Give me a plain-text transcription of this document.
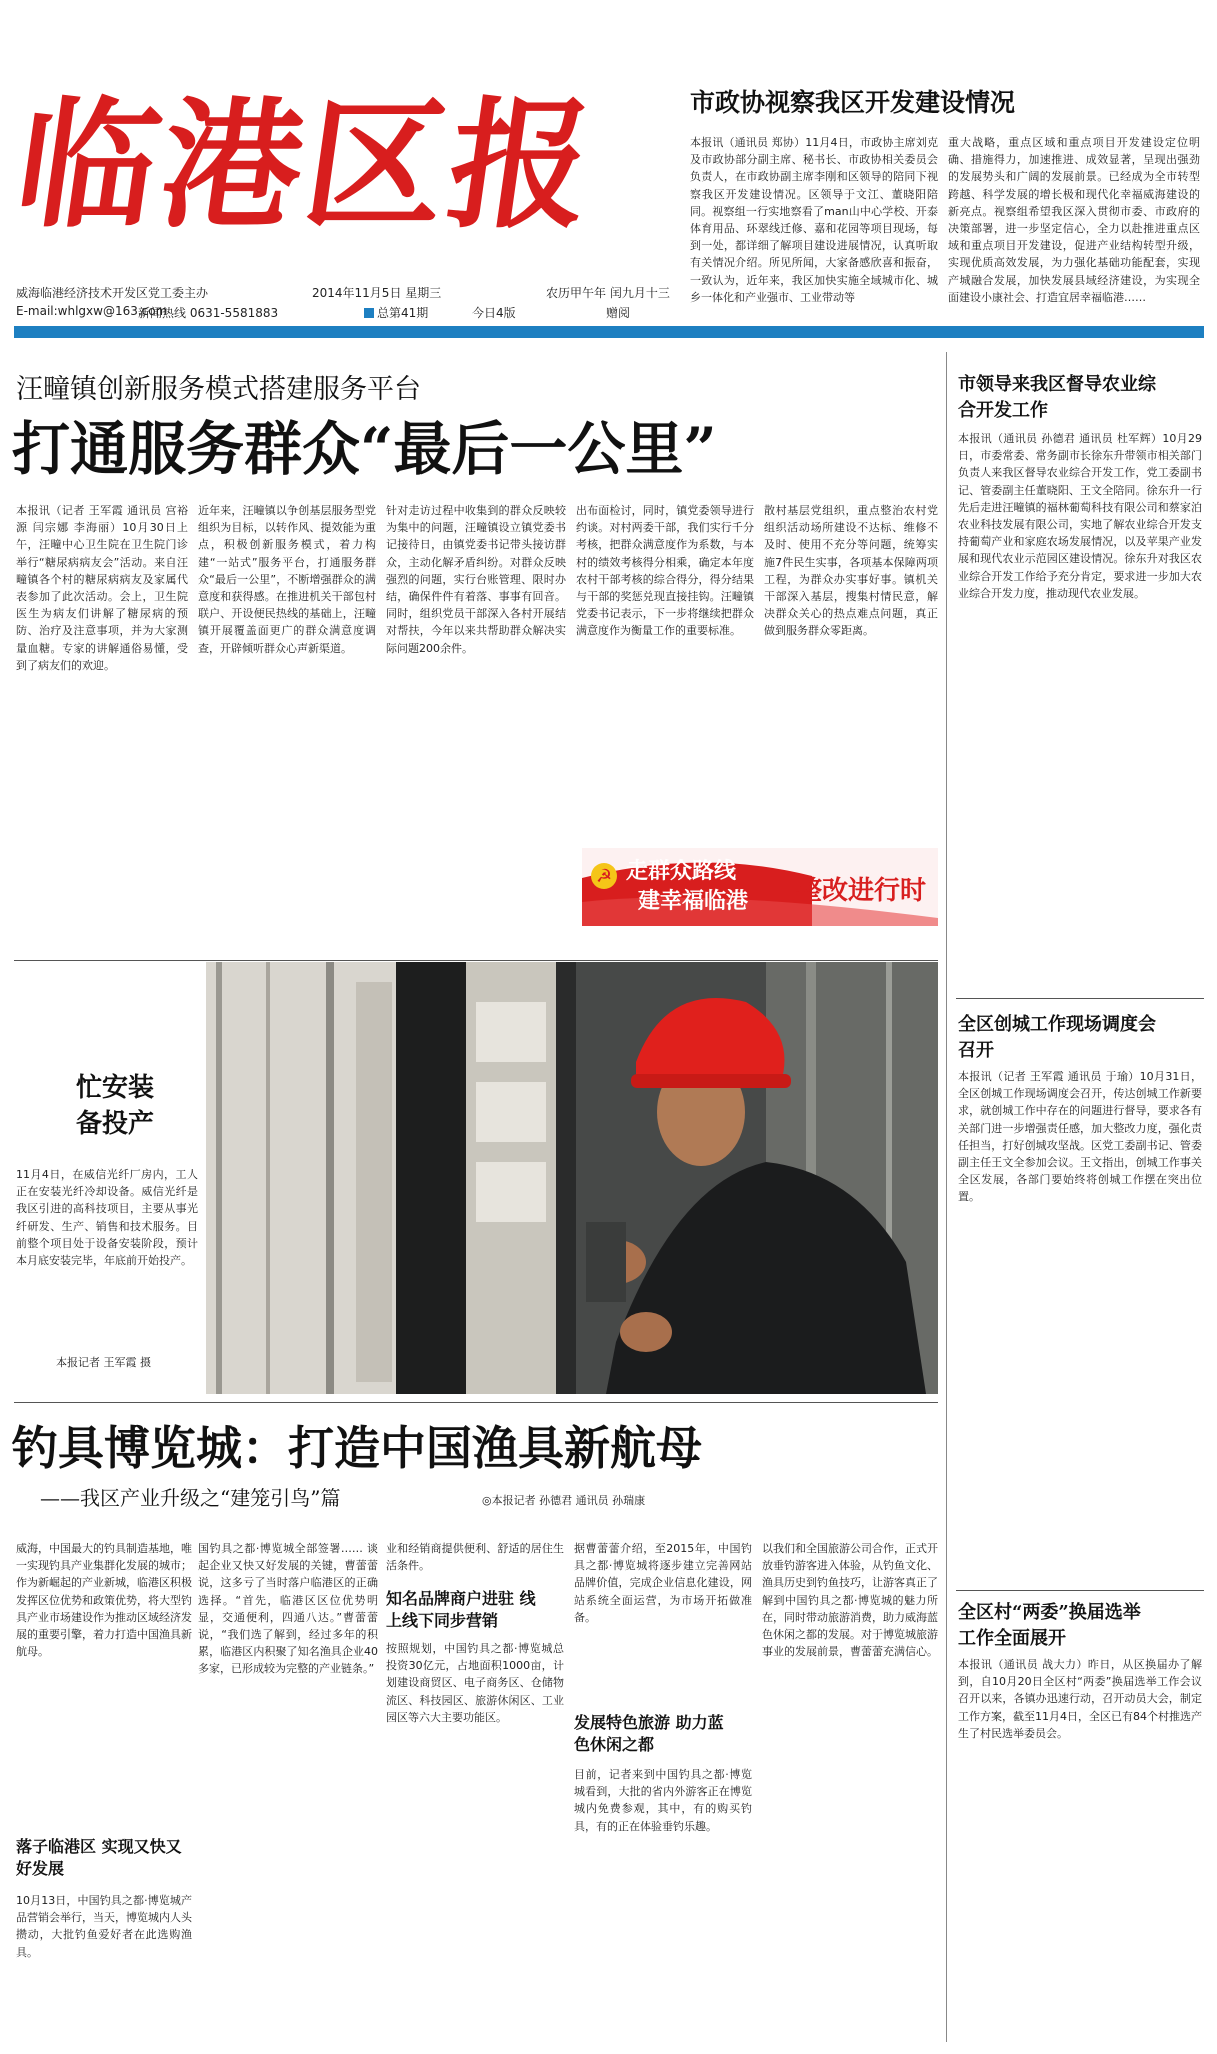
临港区报
威海临港经济技术开发区党工委主办
E-mail:whlgxw@163.com
新闻热线 0631-5581883
2014年11月5日 星期三	农历甲午年 闰九月十三
总第41期	今日4版	赠阅
市政协视察我区开发建设情况
本报讯（通讯员 郑协）11月4日，市政协主席刘克及市政协部分副主席、秘书长、市政协相关委员会负责人，在市政协副主席李刚和区领导的陪同下视察我区开发建设情况。区领导于文江、董晓阳陪同。视察组一行实地察看了man山中心学校、开泰体育用品、环翠线迁修、嘉和花园等项目现场，每到一处，都详细了解项目建设进展情况，认真听取有关情况介绍。所见所闻，大家备感欣喜和振奋，一致认为，近年来，我区加快实施全域城市化、城乡一体化和产业强市、工业带动等
重大战略，重点区域和重点项目开发建设定位明确、措施得力，加速推进、成效显著，呈现出强劲的发展势头和广阔的发展前景。已经成为全市转型跨越、科学发展的增长极和现代化幸福威海建设的新亮点。视察组希望我区深入贯彻市委、市政府的决策部署，进一步坚定信心，全力以赴推进重点区域和重点项目开发建设，促进产业结构转型升级，实现优质高效发展，为力强化基础功能配套，实现产城融合发展，加快发展县域经济建设，为实现全面建设小康社会、打造宜居幸福临港……
汪疃镇创新服务模式搭建服务平台
打通服务群众“最后一公里”
本报讯（记者 王军霞 通讯员 宫裕源 闫宗娜 李海丽）10月30日上午，汪疃中心卫生院在卫生院门诊举行“糖尿病病友会”活动。来自汪疃镇各个村的糖尿病病友及家属代表参加了此次活动。会上，卫生院医生为病友们讲解了糖尿病的预防、治疗及注意事项，并为大家测量血糖。专家的讲解通俗易懂，受到了病友们的欢迎。
近年来，汪疃镇以争创基层服务型党组织为目标，以转作风、提效能为重点，积极创新服务模式，着力构建“一站式”服务平台，打通服务群众“最后一公里”，不断增强群众的满意度和获得感。在推进机关干部包村联户、开设便民热线的基础上，汪疃镇开展覆盖面更广的群众满意度调查，开辟倾听群众心声新渠道。
针对走访过程中收集到的群众反映较为集中的问题，汪疃镇设立镇党委书记接待日，由镇党委书记带头接访群众，主动化解矛盾纠纷。对群众反映强烈的问题，实行台账管理、限时办结，确保件件有着落、事事有回音。同时，组织党员干部深入各村开展结对帮扶，今年以来共帮助群众解决实际问题200余件。
出布面检讨，同时，镇党委领导进行约谈。对村两委干部，我们实行千分考核，把群众满意度作为系数，与本村的绩效考核得分相乘，确定本年度农村干部考核的综合得分，得分结果与干部的奖惩兑现直接挂钩。汪疃镇党委书记表示，下一步将继续把群众满意度作为衡量工作的重要标准。
散村基层党组织，重点整治农村党组织活动场所建设不达标、维修不及时、使用不充分等问题，统筹实施7件民生实事，各项基本保障两项工程，为群众办实事好事。镇机关干部深入基层，搜集村情民意，解决群众关心的热点难点问题，真正做到服务群众零距离。
☭ 走群众路线
建幸福临港 整改进行时
忙安装 备投产
11月4日，在威信光纤厂房内，工人正在安装光纤冷却设备。威信光纤是我区引进的高科技项目，主要从事光纤研发、生产、销售和技术服务。目前整个项目处于设备安装阶段，预计本月底安装完毕，年底前开始投产。
本报记者 王军霞 摄
钓具博览城：打造中国渔具新航母
——我区产业升级之“建笼引鸟”篇	◎本报记者 孙德君 通讯员 孙瑞康
威海，中国最大的钓具制造基地，唯一实现钓具产业集群化发展的城市；作为新崛起的产业新城，临港区积极发挥区位优势和政策优势，将大型钓具产业市场建设作为推动区域经济发展的重要引擎，着力打造中国渔具新航母。
落子临港区 实现又快又好发展
10月13日，中国钓具之都·博览城产品营销会举行，当天，博览城内人头攒动，大批钓鱼爱好者在此选购渔具。
国钓具之都·博览城全部签署…… 谈起企业又快又好发展的关键，曹蕾蕾说，这多亏了当时落户临港区的正确选择。“首先，临港区区位优势明显，交通便利，四通八达。”曹蕾蕾说，“我们选了解到，经过多年的积累，临港区内积聚了知名渔具企业40多家，已形成较为完整的产业链条。”
业和经销商提供便利、舒适的居住生活条件。
知名品牌商户进驻 线上线下同步营销
按照规划，中国钓具之都·博览城总投资30亿元，占地面积1000亩，计划建设商贸区、电子商务区、仓储物流区、科技园区、旅游休闲区、工业园区等六大主要功能区。
据曹蕾蕾介绍，至2015年，中国钓具之都·博览城将逐步建立完善网站品牌价值，完成企业信息化建设，网站系统全面运营，为市场开拓做准备。
发展特色旅游 助力蓝色休闲之都
目前，记者来到中国钓具之都·博览城看到，大批的省内外游客正在博览城内免费参观，其中，有的购买钓具，有的正在体验垂钓乐趣。
以我们和全国旅游公司合作，正式开放垂钓游客进入体验，从钓鱼文化、渔具历史到钓鱼技巧，让游客真正了解到中国钓具之都·博览城的魅力所在，同时带动旅游消费，助力威海蓝色休闲之都的发展。对于博览城旅游事业的发展前景，曹蕾蕾充满信心。
市领导来我区督导农业综合开发工作
本报讯（通讯员 孙德君 通讯员 杜军辉）10月29日，市委常委、常务副市长徐东升带领市相关部门负责人来我区督导农业综合开发工作，党工委副书记、管委副主任董晓阳、王文全陪同。徐东升一行先后走进汪疃镇的福林葡萄科技有限公司和蔡家泊农业科技发展有限公司，实地了解农业综合开发支持葡萄产业和家庭农场发展情况，以及苹果产业发展和现代农业示范园区建设情况。徐东升对我区农业综合开发工作给予充分肯定，要求进一步加大农业综合开发力度，推动现代农业发展。
全区创城工作现场调度会召开
本报讯（记者 王军霞 通讯员 于瑜）10月31日，全区创城工作现场调度会召开，传达创城工作新要求，就创城工作中存在的问题进行督导，要求各有关部门进一步增强责任感，加大整改力度，强化责任担当，打好创城攻坚战。区党工委副书记、管委副主任王文全参加会议。王文指出，创城工作事关全区发展，各部门要始终将创城工作摆在突出位置。
全区村“两委”换届选举工作全面展开
本报讯（通讯员 战大力）昨日，从区换届办了解到，自10月20日全区村“两委”换届选举工作会议召开以来，各镇办迅速行动，召开动员大会，制定工作方案，截至11月4日，全区已有84个村推选产生了村民选举委员会。
